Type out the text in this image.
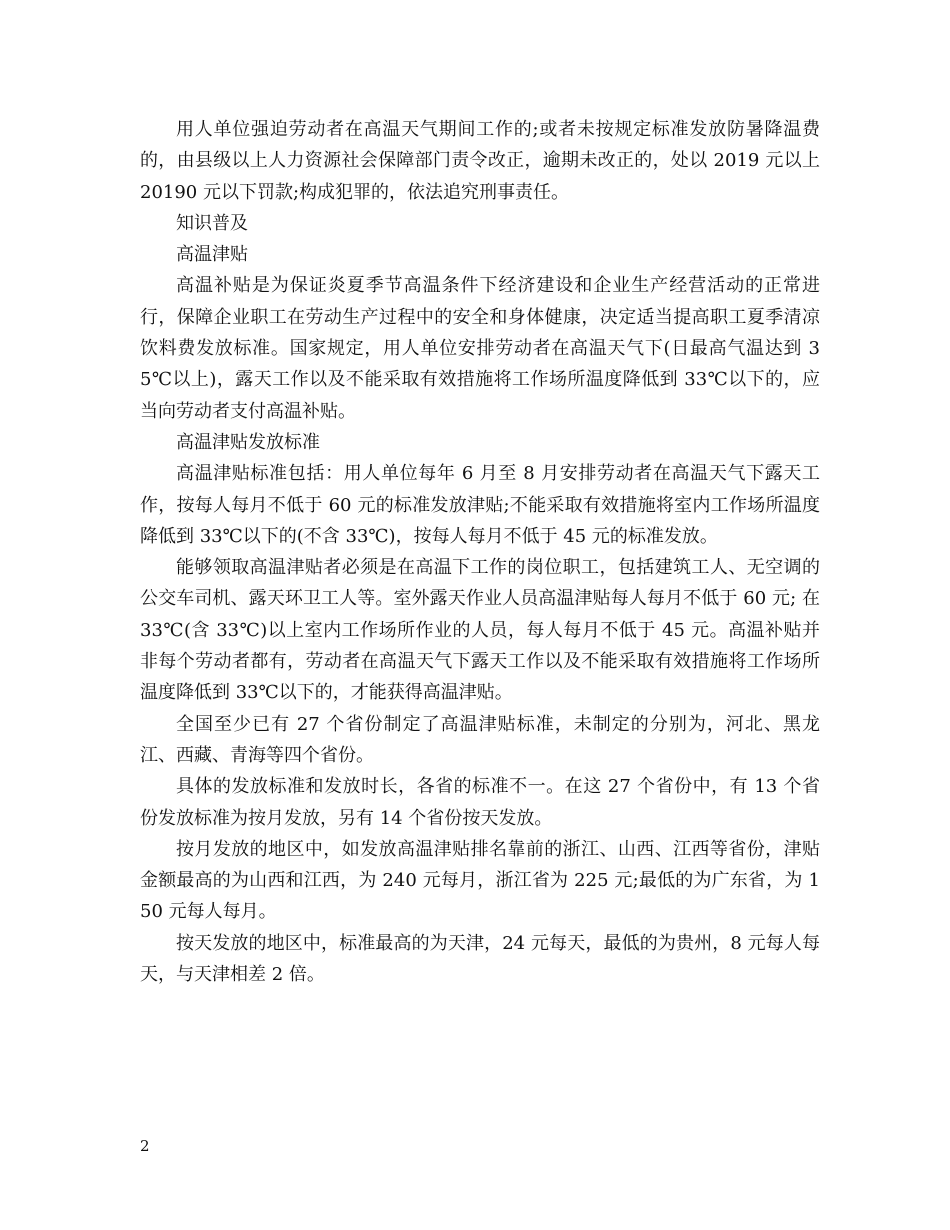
用人单位强迫劳动者在高温天气期间工作的;或者未按规定标准发放防暑降温费的，由县级以上人力资源社会保障部门责令改正，逾期未改正的，处以 2019 元以上 20190 元以下罚款;构成犯罪的，依法追究刑事责任。

知识普及

高温津贴

高温补贴是为保证炎夏季节高温条件下经济建设和企业生产经营活动的正常进行，保障企业职工在劳动生产过程中的安全和身体健康，决定适当提高职工夏季清凉饮料费发放标准。国家规定，用人单位安排劳动者在高温天气下(日最高气温达到 35℃以上)，露天工作以及不能采取有效措施将工作场所温度降低到 33℃以下的，应当向劳动者支付高温补贴。

高温津贴发放标准

高温津贴标准包括：用人单位每年 6 月至 8 月安排劳动者在高温天气下露天工作，按每人每月不低于 60 元的标准发放津贴;不能采取有效措施将室内工作场所温度降低到 33℃以下的(不含 33℃)，按每人每月不低于 45 元的标准发放。

能够领取高温津贴者必须是在高温下工作的岗位职工，包括建筑工人、无空调的公交车司机、露天环卫工人等。室外露天作业人员高温津贴每人每月不低于 60 元; 在 33℃(含 33℃)以上室内工作场所作业的人员，每人每月不低于 45 元。高温补贴并非每个劳动者都有，劳动者在高温天气下露天工作以及不能采取有效措施将工作场所温度降低到 33℃以下的，才能获得高温津贴。

全国至少已有 27 个省份制定了高温津贴标准，未制定的分别为，河北、黑龙江、西藏、青海等四个省份。

具体的发放标准和发放时长，各省的标准不一。在这 27 个省份中，有 13 个省份发放标准为按月发放，另有 14 个省份按天发放。

按月发放的地区中，如发放高温津贴排名靠前的浙江、山西、江西等省份，津贴金额最高的为山西和江西，为 240 元每月，浙江省为 225 元;最低的为广东省，为 150 元每人每月。

按天发放的地区中，标准最高的为天津，24 元每天，最低的为贵州，8 元每人每天，与天津相差 2 倍。

2
